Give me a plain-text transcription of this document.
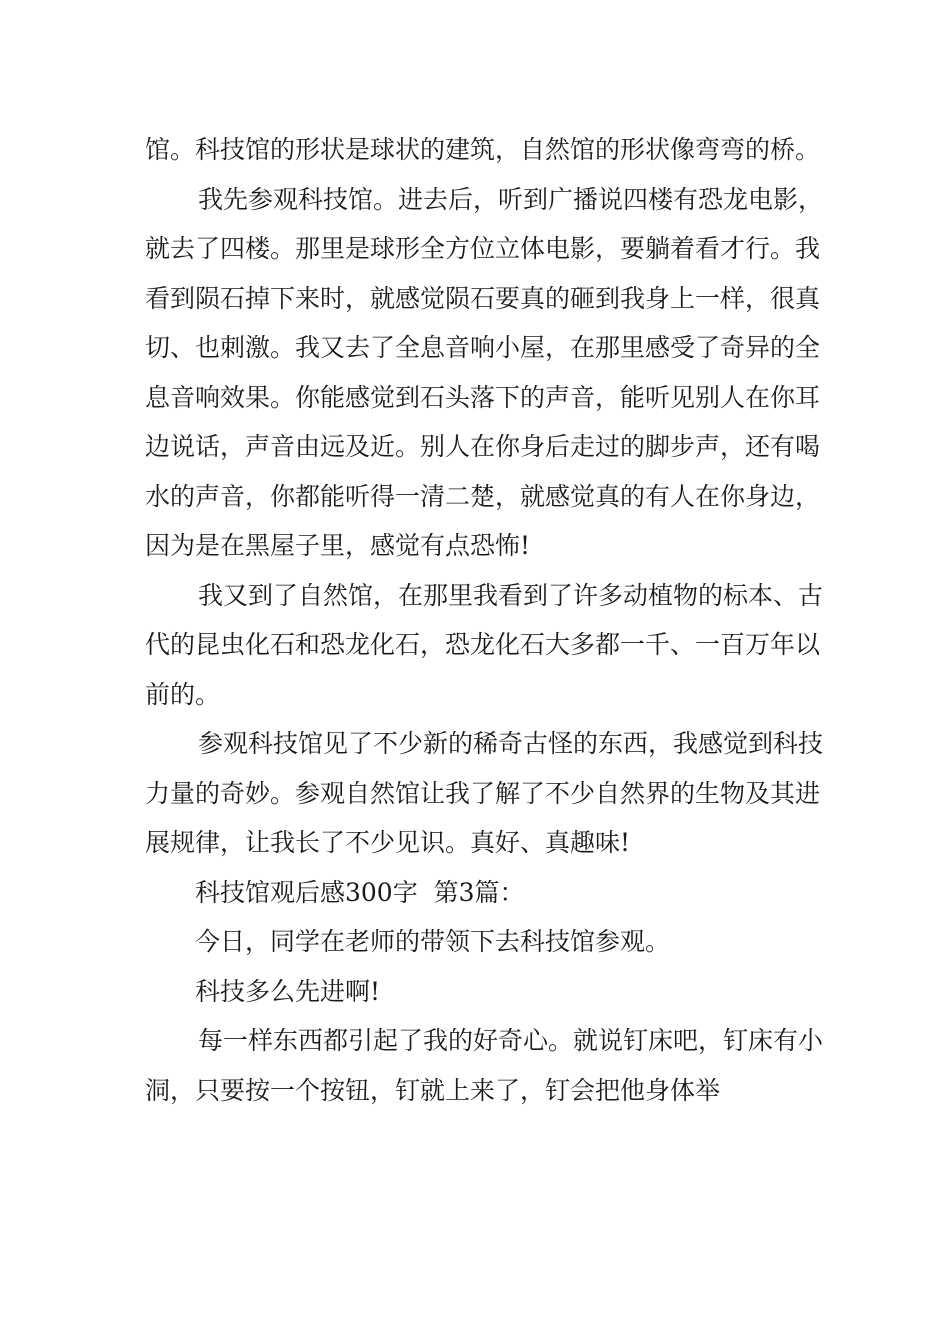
馆。科技馆的形状是球状的建筑，自然馆的形状像弯弯的桥。

我先参观科技馆。进去后，听到广播说四楼有恐龙电影，就去了四楼。那里是球形全方位立体电影，要躺着看才行。我看到陨石掉下来时，就感觉陨石要真的砸到我身上一样，很真切、也刺激。我又去了全息音响小屋，在那里感受了奇异的全息音响效果。你能感觉到石头落下的声音，能听见别人在你耳边说话，声音由远及近。别人在你身后走过的脚步声，还有喝水的声音，你都能听得一清二楚，就感觉真的有人在你身边，因为是在黑屋子里，感觉有点恐怖!

我又到了自然馆，在那里我看到了许多动植物的标本、古代的昆虫化石和恐龙化石，恐龙化石大多都一千、一百万年以前的。

参观科技馆见了不少新的稀奇古怪的东西，我感觉到科技力量的奇妙。参观自然馆让我了解了不少自然界的生物及其进展规律，让我长了不少见识。真好、真趣味!

科技馆观后感300字  第3篇：

今日，同学在老师的带领下去科技馆参观。

科技多么先进啊!

每一样东西都引起了我的好奇心。就说钉床吧，钉床有小洞，只要按一个按钮，钉就上来了，钉会把他身体举
